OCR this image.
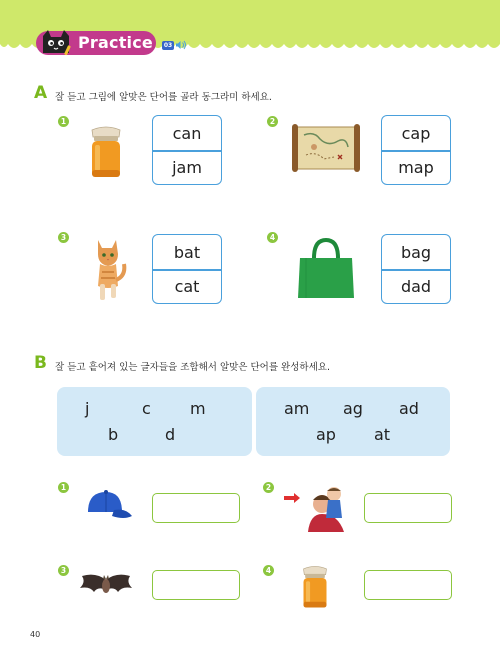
Practice	03
A 잘 듣고 그림에 알맞은 단어를 골라 동그라미 하세요.
1
can
jam
2
cap
map
3
bat
cat
4
bag
dad
B 잘 듣고 흩어져 있는 글자들을 조합해서 알맞은 단어를 완성하세요.
j	c m
b	d
am ag ad
ap at
1	2
3	4
40
